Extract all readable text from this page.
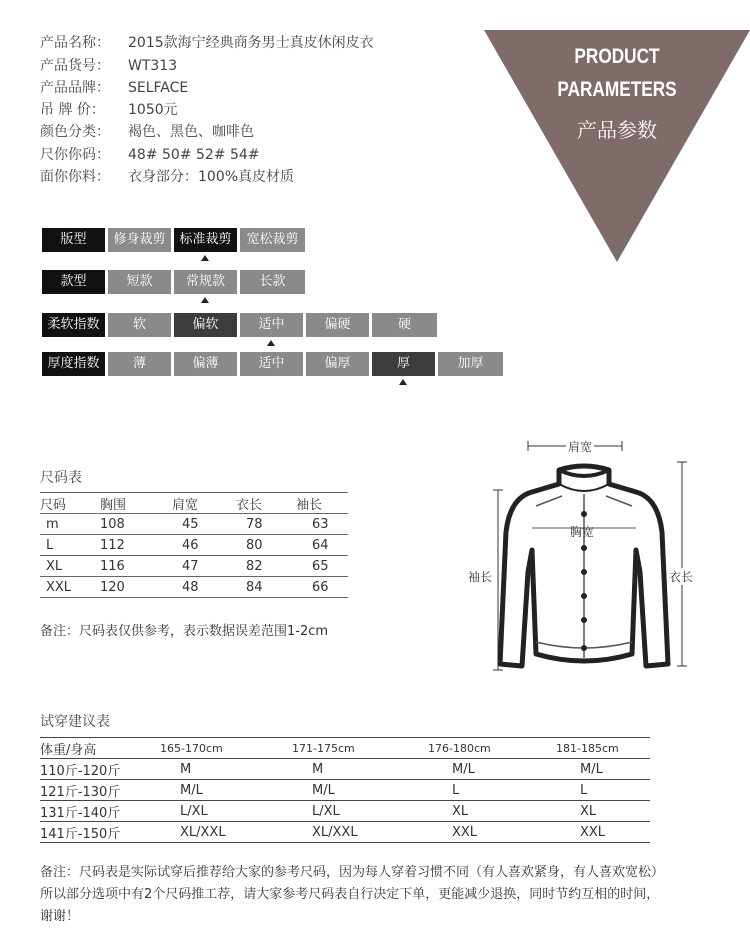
产品名称： 2015款海宁经典商务男士真皮休闲皮衣
产品货号： WT313
产品品牌： SELFACE
吊 牌 价： 1050元
颜色分类： 褐色、黑色、咖啡色
尺你你码： 48# 50# 52# 54#
面你你料： 衣身部分：100%真皮材质
PRODUCT
PARAMETERS
产品参数
版型	修身裁剪	标准裁剪	宽松裁剪
款型	短款	常规款	长款
柔软指数	软	偏软	适中	偏硬	硬
厚度指数	薄	偏薄	适中	偏厚	厚	加厚
尺码表
尺码	胸围	肩宽	衣长	袖长
m	108	45	78	63
L	112	46	80	64
XL	116	47	82	65
XXL	120	48	84	66
备注：尺码表仅供参考，表示数据误差范围1-2cm
肩宽
胸宽
袖长	衣长
试穿建议表
体重/身高	165-170cm	171-175cm	176-180cm	181-185cm
110斤-120斤	M	M	M/L	M/L
121斤-130斤	M/L	M/L	L	L
131斤-140斤	L/XL	L/XL	XL	XL
141斤-150斤	XL/XXL	XL/XXL	XXL	XXL
备注：尺码表是实际试穿后推荐给大家的参考尺码，因为每人穿着习惯不同（有人喜欢紧身，有人喜欢宽松）所以部分选项中有2个尺码推工荐，请大家参考尺码表自行决定下单，更能减少退换，同时节约互相的时间，谢谢！
